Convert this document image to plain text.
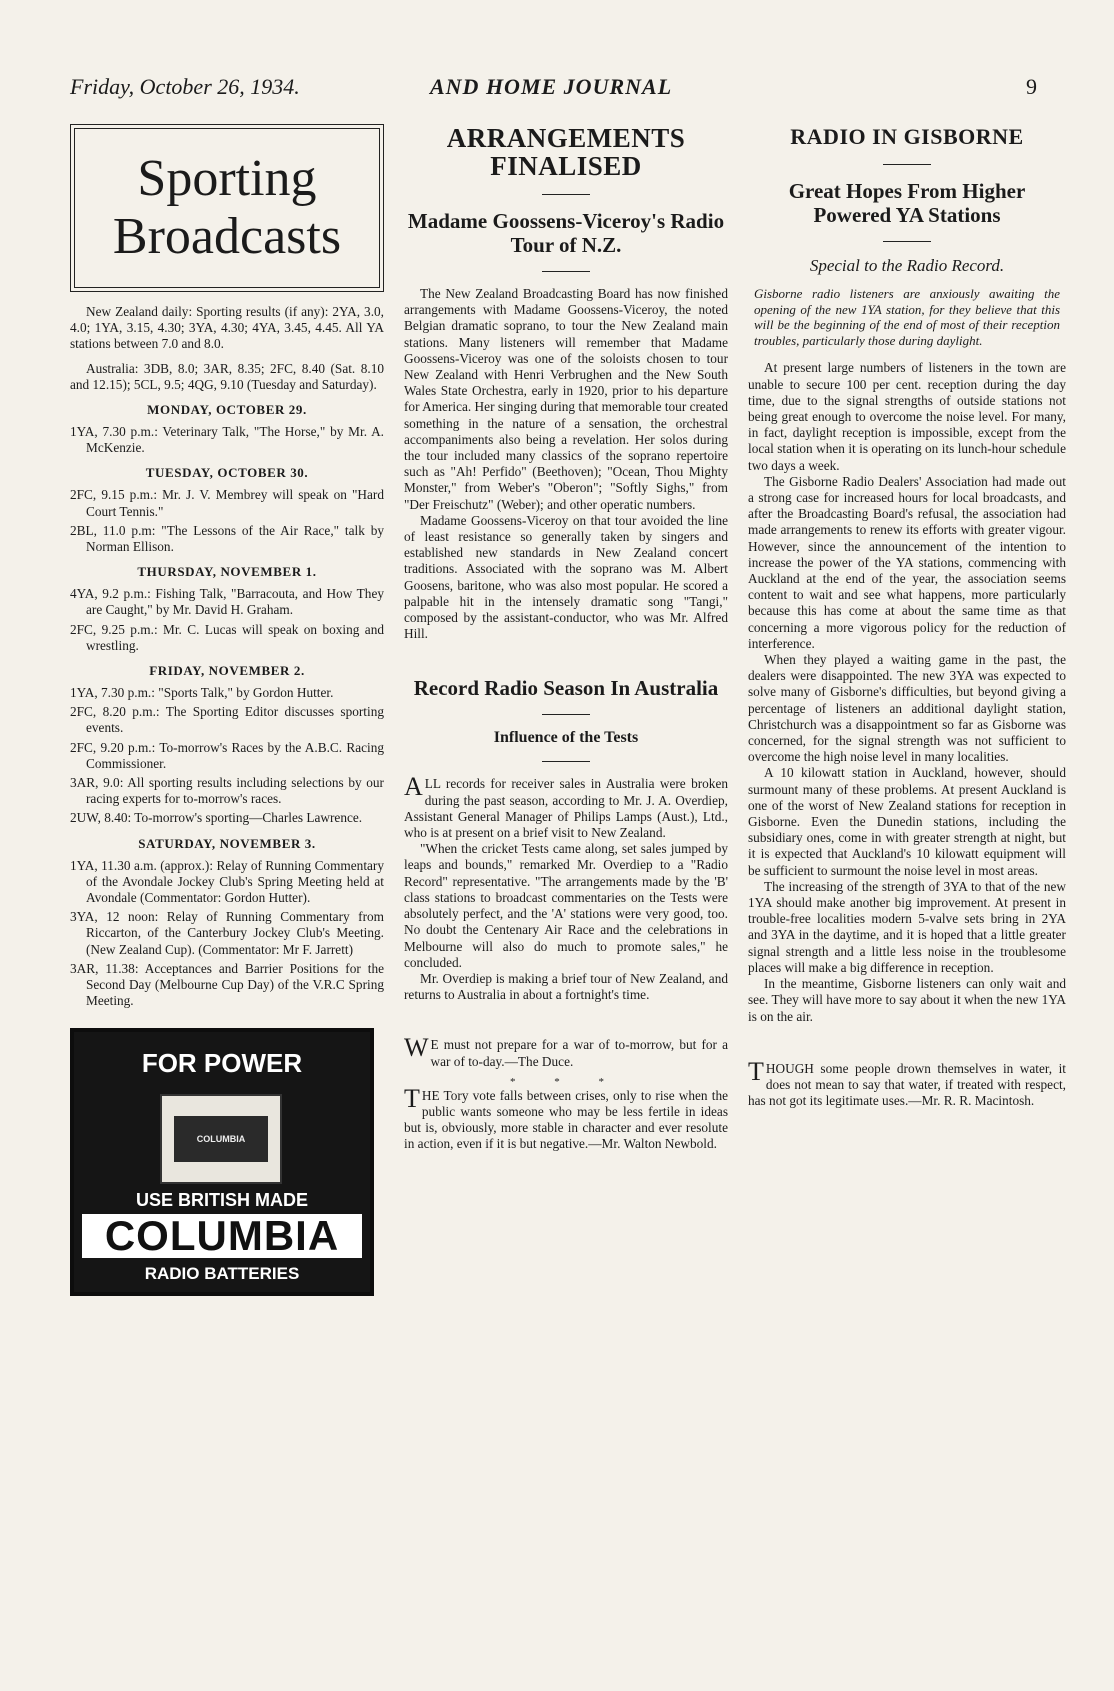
Friday, October 26, 1934.	AND HOME JOURNAL	9
Sporting
Broadcasts

New Zealand daily: Sporting results (if any): 2YA, 3.0, 4.0; 1YA, 3.15, 4.30; 3YA, 4.30; 4YA, 3.45, 4.45. All YA stations between 7.0 and 8.0.

Australia: 3DB, 8.0; 3AR, 8.35; 2FC, 8.40 (Sat. 8.10 and 12.15); 5CL, 9.5; 4QG, 9.10 (Tuesday and Saturday).

MONDAY, OCTOBER 29.

1YA, 7.30 p.m.: Veterinary Talk, "The Horse," by Mr. A. McKenzie.

TUESDAY, OCTOBER 30.

2FC, 9.15 p.m.: Mr. J. V. Membrey will speak on "Hard Court Tennis."

2BL, 11.0 p.m: "The Lessons of the Air Race," talk by Norman Ellison.

THURSDAY, NOVEMBER 1.

4YA, 9.2 p.m.: Fishing Talk, "Barracouta, and How They are Caught," by Mr. David H. Graham.

2FC, 9.25 p.m.: Mr. C. Lucas will speak on boxing and wrestling.

FRIDAY, NOVEMBER 2.

1YA, 7.30 p.m.: "Sports Talk," by Gordon Hutter.

2FC, 8.20 p.m.: The Sporting Editor discusses sporting events.

2FC, 9.20 p.m.: To-morrow's Races by the A.B.C. Racing Commissioner.

3AR, 9.0: All sporting results including selections by our racing experts for to-morrow's races.

2UW, 8.40: To-morrow's sporting—Charles Lawrence.

SATURDAY, NOVEMBER 3.

1YA, 11.30 a.m. (approx.): Relay of Running Commentary of the Avondale Jockey Club's Spring Meeting held at Avondale (Commentator: Gordon Hutter).

3YA, 12 noon: Relay of Running Commentary from Riccarton, of the Canterbury Jockey Club's Meeting. (New Zealand Cup). (Commentator: Mr F. Jarrett)

3AR, 11.38: Acceptances and Barrier Positions for the Second Day (Melbourne Cup Day) of the V.R.C Spring Meeting.

FOR POWER
COLUMBIA
USE BRITISH MADE
COLUMBIA
RADIO BATTERIES
ARRANGEMENTS FINALISED
Madame Goossens-Viceroy's Radio Tour of N.Z.

The New Zealand Broadcasting Board has now finished arrangements with Madame Goossens-Viceroy, the noted Belgian dramatic soprano, to tour the New Zealand main stations. Many listeners will remember that Madame Goossens-Viceroy was one of the soloists chosen to tour New Zealand with Henri Verbrughen and the New South Wales State Orchestra, early in 1920, prior to his departure for America. Her singing during that memorable tour created something in the nature of a sensation, the orchestral accompaniments also being a revelation. Her solos during the tour included many classics of the soprano repertoire such as "Ah! Perfido" (Beethoven); "Ocean, Thou Mighty Monster," from Weber's "Oberon"; "Softly Sighs," from "Der Freischutz" (Weber); and other operatic numbers.

Madame Goossens-Viceroy on that tour avoided the line of least resistance so generally taken by singers and established new standards in New Zealand concert traditions. Associated with the soprano was M. Albert Goosens, baritone, who was also most popular. He scored a palpable hit in the intensely dramatic song "Tangi," composed by the assistant-conductor, who was Mr. Alfred Hill.

Record Radio Season In Australia
Influence of the Tests

ALL records for receiver sales in Australia were broken during the past season, according to Mr. J. A. Overdiep, Assistant General Manager of Philips Lamps (Aust.), Ltd., who is at present on a brief visit to New Zealand.

"When the cricket Tests came along, set sales jumped by leaps and bounds," remarked Mr. Overdiep to a "Radio Record" representative. "The arrangements made by the 'B' class stations to broadcast commentaries on the Tests were absolutely perfect, and the 'A' stations were very good, too. No doubt the Centenary Air Race and the celebrations in Melbourne will also do much to promote sales," he concluded.

Mr. Overdiep is making a brief tour of New Zealand, and returns to Australia in about a fortnight's time.

WE must not prepare for a war of to-morrow, but for a war of to-day.—The Duce.

* * *

THE Tory vote falls between crises, only to rise when the public wants someone who may be less fertile in ideas but is, obviously, more stable in character and ever resolute in action, even if it is but negative.—Mr. Walton Newbold.

RADIO IN GISBORNE
Great Hopes From Higher Powered YA Stations

Special to the Radio Record.

Gisborne radio listeners are anxiously awaiting the opening of the new 1YA station, for they believe that this will be the beginning of the end of most of their reception troubles, particularly those during daylight.

At present large numbers of listeners in the town are unable to secure 100 per cent. reception during the day time, due to the signal strengths of outside stations not being great enough to overcome the noise level. For many, in fact, daylight reception is impossible, except from the local station when it is operating on its lunch-hour schedule two days a week.

The Gisborne Radio Dealers' Association had made out a strong case for increased hours for local broadcasts, and after the Broadcasting Board's refusal, the association had made arrangements to renew its efforts with greater vigour. However, since the announcement of the intention to increase the power of the YA stations, commencing with Auckland at the end of the year, the association seems content to wait and see what happens, more particularly because this has come at about the same time as that concerning a more vigorous policy for the reduction of interference.

When they played a waiting game in the past, the dealers were disappointed. The new 3YA was expected to solve many of Gisborne's difficulties, but beyond giving a percentage of listeners an additional daylight station, Christchurch was a disappointment so far as Gisborne was concerned, for the signal strength was not sufficient to overcome the high noise level in many localities.

A 10 kilowatt station in Auckland, however, should surmount many of these problems. At present Auckland is one of the worst of New Zealand stations for reception in Gisborne. Even the Dunedin stations, including the subsidiary ones, come in with greater strength at night, but it is expected that Auckland's 10 kilowatt equipment will be sufficient to surmount the noise level in most areas.

The increasing of the strength of 3YA to that of the new 1YA should make another big improvement. At present in trouble-free localities modern 5-valve sets bring in 2YA and 3YA in the daytime, and it is hoped that a little greater signal strength and a little less noise in the troublesome places will make a big difference in reception.

In the meantime, Gisborne listeners can only wait and see. They will have more to say about it when the new 1YA is on the air.

THOUGH some people drown themselves in water, it does not mean to say that water, if treated with respect, has not got its legitimate uses.—Mr. R. R. Macintosh.
